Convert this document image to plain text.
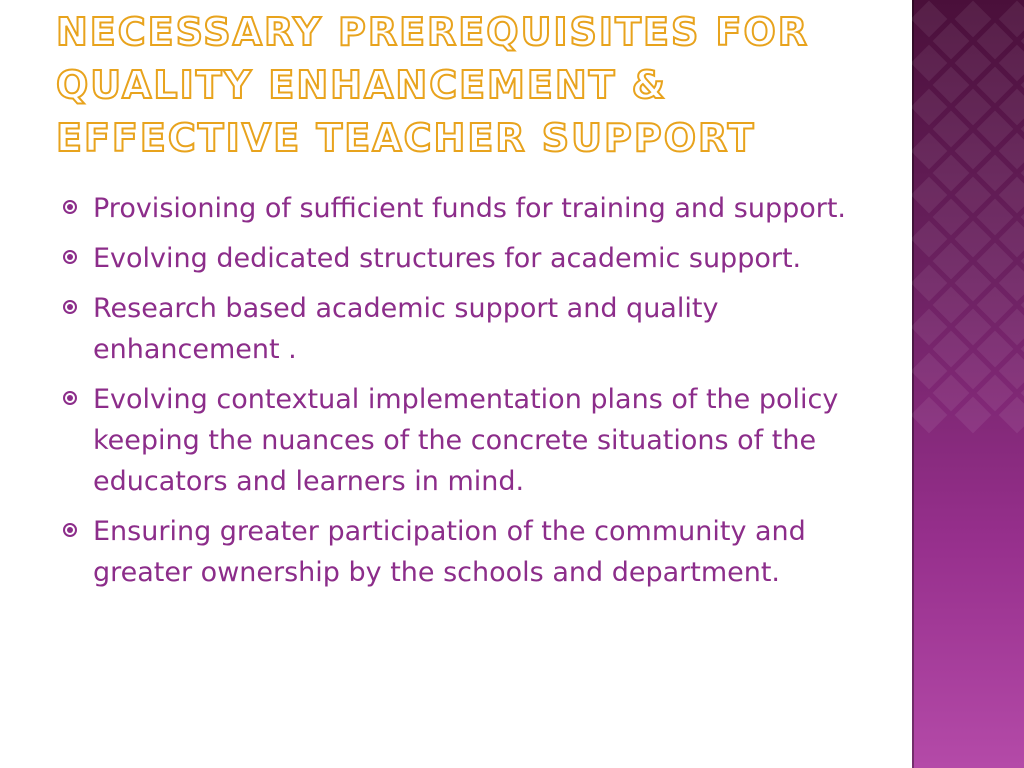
NECESSARY PREREQUISITES FOR
QUALITY ENHANCEMENT &
EFFECTIVE TEACHER SUPPORT
Provisioning of sufficient funds for training and support.
Evolving dedicated structures for academic support.
Research based academic support and quality enhancement .
Evolving contextual implementation plans of the policy keeping the nuances of the concrete situations of the educators and learners in mind.
Ensuring greater participation of the community and greater ownership by the schools and department.
